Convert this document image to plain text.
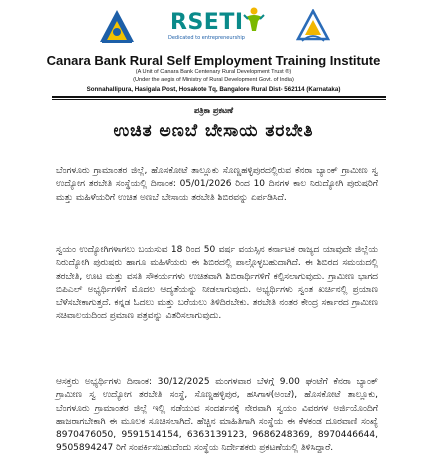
RSETI
Dedicated to entrepreneurship
Canara Bank Rural Self Employment Training Institute
(A Unit of Canara Bank Centenary Rural Development Trust ®)
(Under the aegis of Ministry of Rural Development Govt. of India)
Sonnahallipura, Hasigala Post, Hosakote Tq, Bangalore Rural Dist- 562114 (Karnataka)
ಪತ್ರಿಕಾ ಪ್ರಕಟಣೆ
ಉಚಿತ ಅಣಬೆ ಬೇಸಾಯ ತರಬೇತಿ

ಬೆಂಗಳೂರು ಗ್ರಾಮಾಂತರ ಜಿಲ್ಲೆ, ಹೊಸಕೋಟೆ ತಾಲ್ಲೂಕು ಸೊಣ್ಣಹಳ್ಳಿಪುರದಲ್ಲಿರುವ ಕೆನರಾ ಬ್ಯಾಂಕ್ ಗ್ರಾಮೀಣ ಸ್ವ ಉದ್ಯೋಗ ತರಬೇತಿ ಸಂಸ್ಥೆಯಲ್ಲಿ ದಿನಾಂಕ: 05/01/2026 ರಿಂದ 10 ದಿನಗಳ ಕಾಲ ನಿರುದ್ಯೋಗಿ ಪುರುಷರಿಗೆ ಮತ್ತು ಮಹಿಳೆಯರಿಗೆ ಉಚಿತ ಅಣಬೆ ಬೇಸಾಯ ತರಬೇತಿ ಶಿಬಿರವನ್ನು ಏರ್ಪಡಿಸಿದೆ.

ಸ್ವಯಂ ಉದ್ಯೋಗಿಗಳಾಗಲು ಬಯಸುವ 18 ರಿಂದ 50 ವರ್ಷ ವಯಸ್ಸಿನ ಕರ್ನಾಟಕ ರಾಜ್ಯದ ಯಾವುದೇ ಜಿಲ್ಲೆಯ ನಿರುದ್ಯೋಗಿ ಪುರುಷರು ಹಾಗೂ ಮಹಿಳೆಯರು ಈ ಶಿಬಿರದಲ್ಲಿ ಪಾಲ್ಗೊಳ್ಳಬಹುದಾಗಿದೆ. ಈ ಶಿಬಿರದ ಸಮಯದಲ್ಲಿ ತರಬೇತಿ, ಊಟ ಮತ್ತು ವಸತಿ ಸೌಕರ್ಯಗಳು ಉಚಿತವಾಗಿ ಶಿಬಿರಾರ್ಥಿಗಳಿಗೆ ಕಲ್ಪಿಸಲಾಗುವುದು. ಗ್ರಾಮೀಣ ಭಾಗದ ಬಿಪಿಎಲ್ ಅಭ್ಯರ್ಥಿಗಳಿಗೆ ಮೊದಲ ಆದ್ಯತೆಯನ್ನು ನೀಡಲಾಗುವುದು. ಅಭ್ಯರ್ಥಿಗಳು ಸ್ವಂತ ಖರ್ಚಿನಲ್ಲಿ ಪ್ರಯಾಣ ಬೆಳೆಸಬೇಕಾಗುತ್ತದೆ. ಕನ್ನಡ ಓದಲು ಮತ್ತು ಬರೆಯಲು ತಿಳಿದಿರಬೇಕು. ತರಬೇತಿ ನಂತರ ಕೇಂದ್ರ ಸರ್ಕಾರದ ಗ್ರಾಮೀಣ ಸಚಿವಾಲಯದಿಂದ ಪ್ರಮಾಣ ಪತ್ರವನ್ನು ವಿತರಿಸಲಾಗುವುದು.

ಆಸಕ್ತರು ಅಭ್ಯರ್ಥಿಗಳು ದಿನಾಂಕ: 30/12/2025 ಮಂಗಳವಾರ ಬೆಳಗ್ಗೆ 9.00 ಘಂಟೆಗೆ ಕೆನರಾ ಬ್ಯಾಂಕ್ ಗ್ರಾಮೀಣ ಸ್ವ ಉದ್ಯೋಗ ತರಬೇತಿ ಸಂಸ್ಥೆ, ಸೊಣ್ಣಹಳ್ಳಿಪುರ, ಹಸಿಗಾಳ(ಅಂಚೆ), ಹೊಸಕೋಟೆ ತಾಲ್ಲೂಕು, ಬೆಂಗಳೂರು ಗ್ರಾಮಾಂತರ ಜಿಲ್ಲೆ ಇಲ್ಲಿ ನಡೆಯುವ ಸಂದರ್ಶನಕ್ಕೆ ನೇರವಾಗಿ ಸ್ವಯಂ ವಿವರಗಳ ಅರ್ಜಿಯೊಂದಿಗೆ ಹಾಜರಾಗಬೇಕಾಗಿ ಈ ಮೂಲಕ ಸೂಚಿಸಲಾಗಿದೆ. ಹೆಚ್ಚಿನ ಮಾಹಿತಿಗಾಗಿ ಸಂಸ್ಥೆಯ ಈ ಕೆಳಕಂಡ ದೂರವಾಣಿ ಸಂಖ್ಯೆ 8970476050, 9591514154, 6363139123, 9686248369, 8970446644, 9505894247 ರಿಗೆ ಸಂಪರ್ಕಿಸಬಹುದೆಂದು ಸಂಸ್ಥೆಯ ನಿರ್ದೇಶಕರು ಪ್ರಕಟಣೆಯಲ್ಲಿ ತಿಳಿಸಿದ್ದಾರೆ.
